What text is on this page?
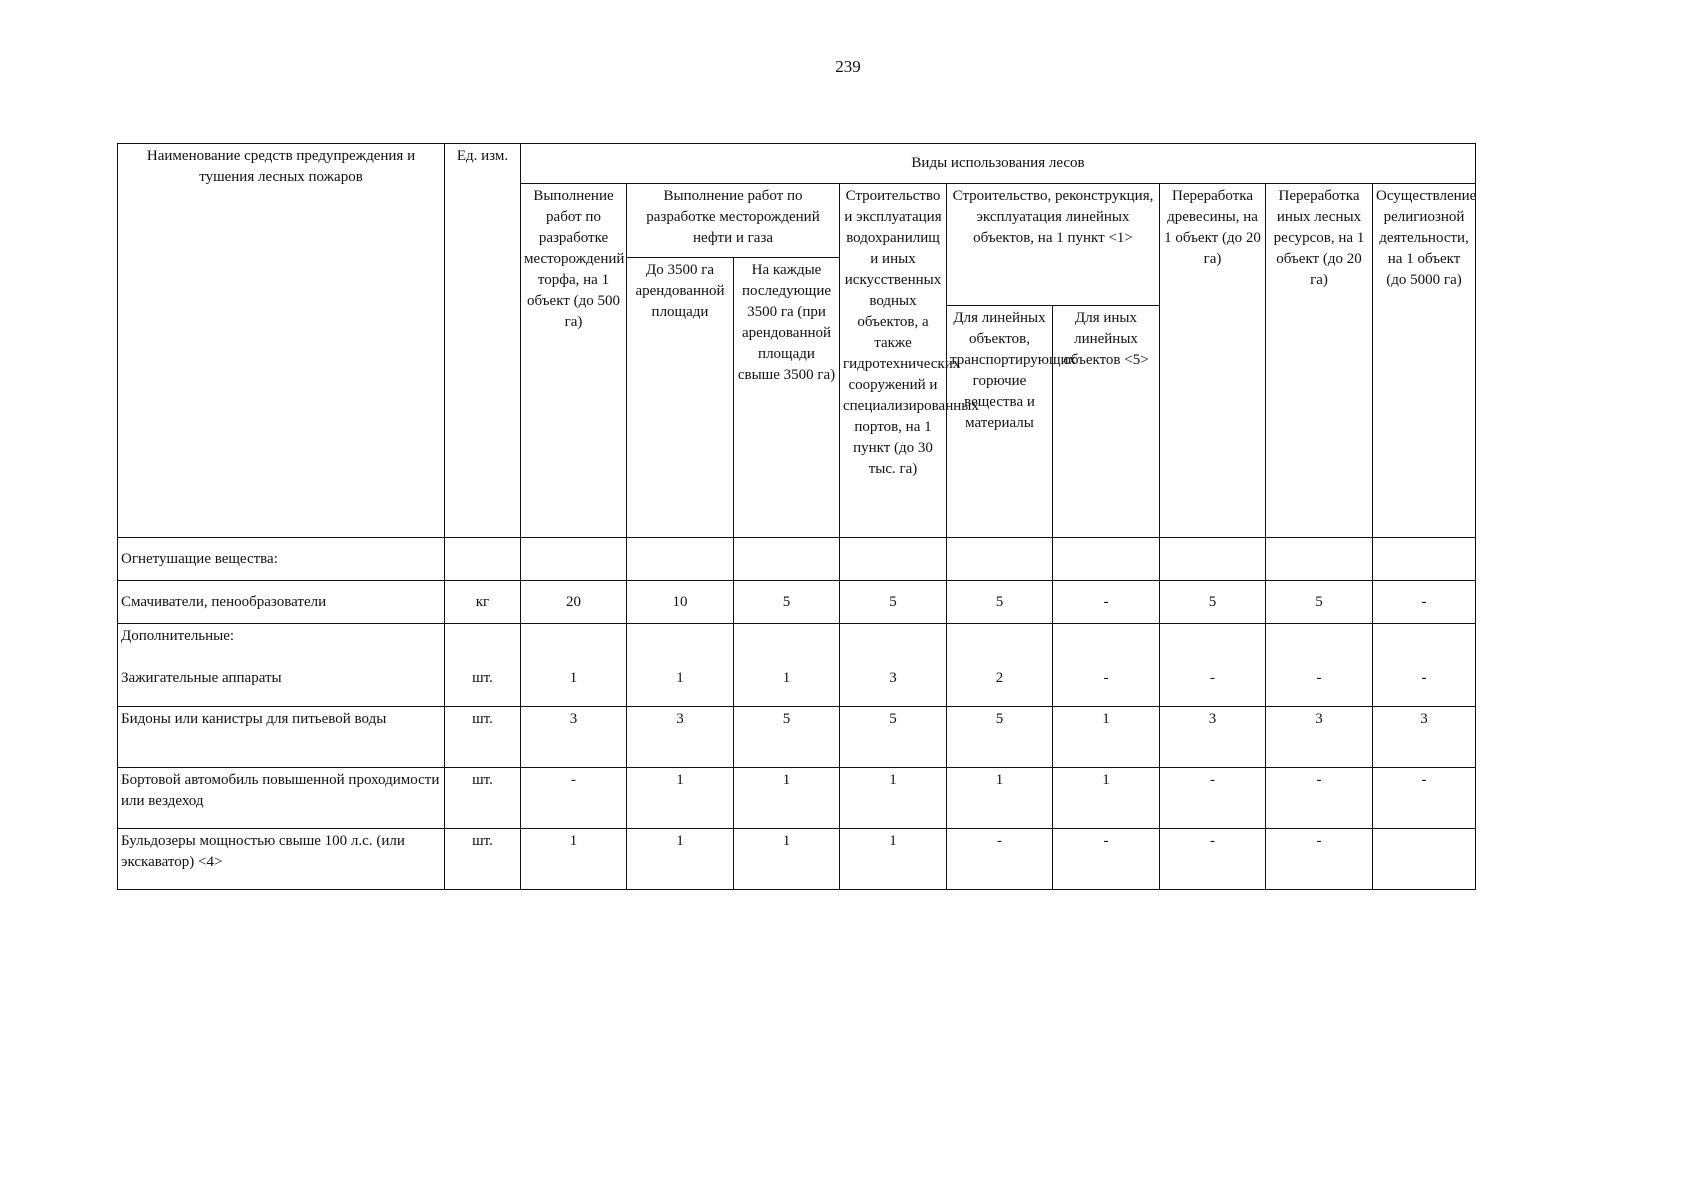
239
Наименование средств предупреждения и тушения лесных пожаров	Ед. изм.	Виды использования лесов								
		Выполнение работ по разработке месторождений торфа, на 1 объект (до 500 га)	Выполнение работ по разработке месторождений нефти и газа		Строительство и эксплуатация водохранилищ и иных искусственных водных объектов, а также гидротехнических сооружений и специализированных портов, на 1 пункт (до 30 тыс. га)	Строительство, реконструкция, эксплуатация линейных объектов, на 1 пункт <1>		Переработка древесины, на 1 объект (до 20 га)	Переработка иных лесных ресурсов, на 1 объект (до 20 га)	Осуществление религиозной деятельности, на 1 объект (до 5000 га)
			До 3500 га арендованной площади	На каждые последующие 3500 га (при арендованной площади свыше 3500 га)						
						Для линейных объектов, транспортирующих горючие вещества и материалы	Для иных линейных объектов <5>			
Огнетушащие вещества:										
Смачиватели, пенообразователи	кг	20	10	5	5	5	-	5	5	-

Дополнительные:
Зажигательные аппараты	шт.	1	1	1	3	2	-	-	-	-

Бидоны или канистры для питьевой воды	шт.	3	3	5	5	5	1	3	3	3
Бортовой автомобиль повышенной проходимости или вездеход	шт.	-	1	1	1	1	1	-	-	-
Бульдозеры мощностью свыше 100 л.с. (или экскаватор) <4>	шт.	1	1	1	1	-	-	-	-	
